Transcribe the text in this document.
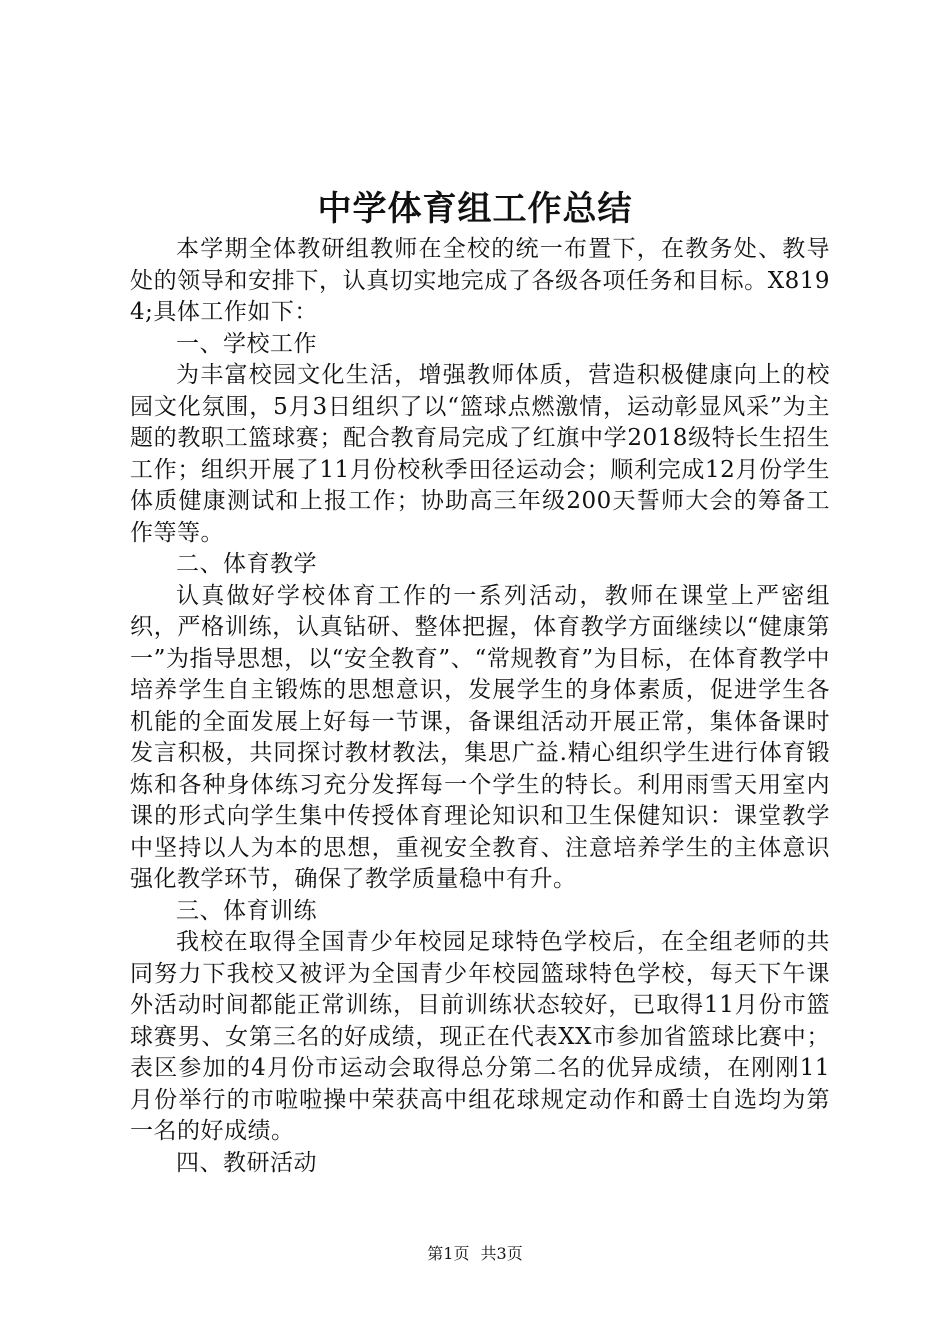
中学体育组工作总结

本学期全体教研组教师在全校的统一布置下，在教务处、教导处的领导和安排下，认真切实地完成了各级各项任务和目标。X8194;具体工作如下：

一、学校工作

为丰富校园文化生活，增强教师体质，营造积极健康向上的校园文化氛围，5月3日组织了以“篮球点燃激情，运动彰显风采”为主题的教职工篮球赛；配合教育局完成了红旗中学2018级特长生招生工作；组织开展了11月份校秋季田径运动会；顺利完成12月份学生体质健康测试和上报工作；协助高三年级200天誓师大会的筹备工作等等。

二、体育教学

认真做好学校体育工作的一系列活动，教师在课堂上严密组织，严格训练，认真钻研、整体把握，体育教学方面继续以“健康第一”为指导思想，以“安全教育”、“常规教育”为目标，在体育教学中培养学生自主锻炼的思想意识，发展学生的身体素质，促进学生各机能的全面发展上好每一节课，备课组活动开展正常，集体备课时发言积极，共同探讨教材教法，集思广益.精心组织学生进行体育锻炼和各种身体练习充分发挥每一个学生的特长。利用雨雪天用室内课的形式向学生集中传授体育理论知识和卫生保健知识：课堂教学中坚持以人为本的思想，重视安全教育、注意培养学生的主体意识强化教学环节，确保了教学质量稳中有升。

三、体育训练

我校在取得全国青少年校园足球特色学校后，在全组老师的共同努力下我校又被评为全国青少年校园篮球特色学校，每天下午课外活动时间都能正常训练，目前训练状态较好，已取得11月份市篮球赛男、女第三名的好成绩，现正在代表XX市参加省篮球比赛中；表区参加的4月份市运动会取得总分第二名的优异成绩，在刚刚11月份举行的市啦啦操中荣获高中组花球规定动作和爵士自选均为第一名的好成绩。

四、教研活动

第1页 共3页
